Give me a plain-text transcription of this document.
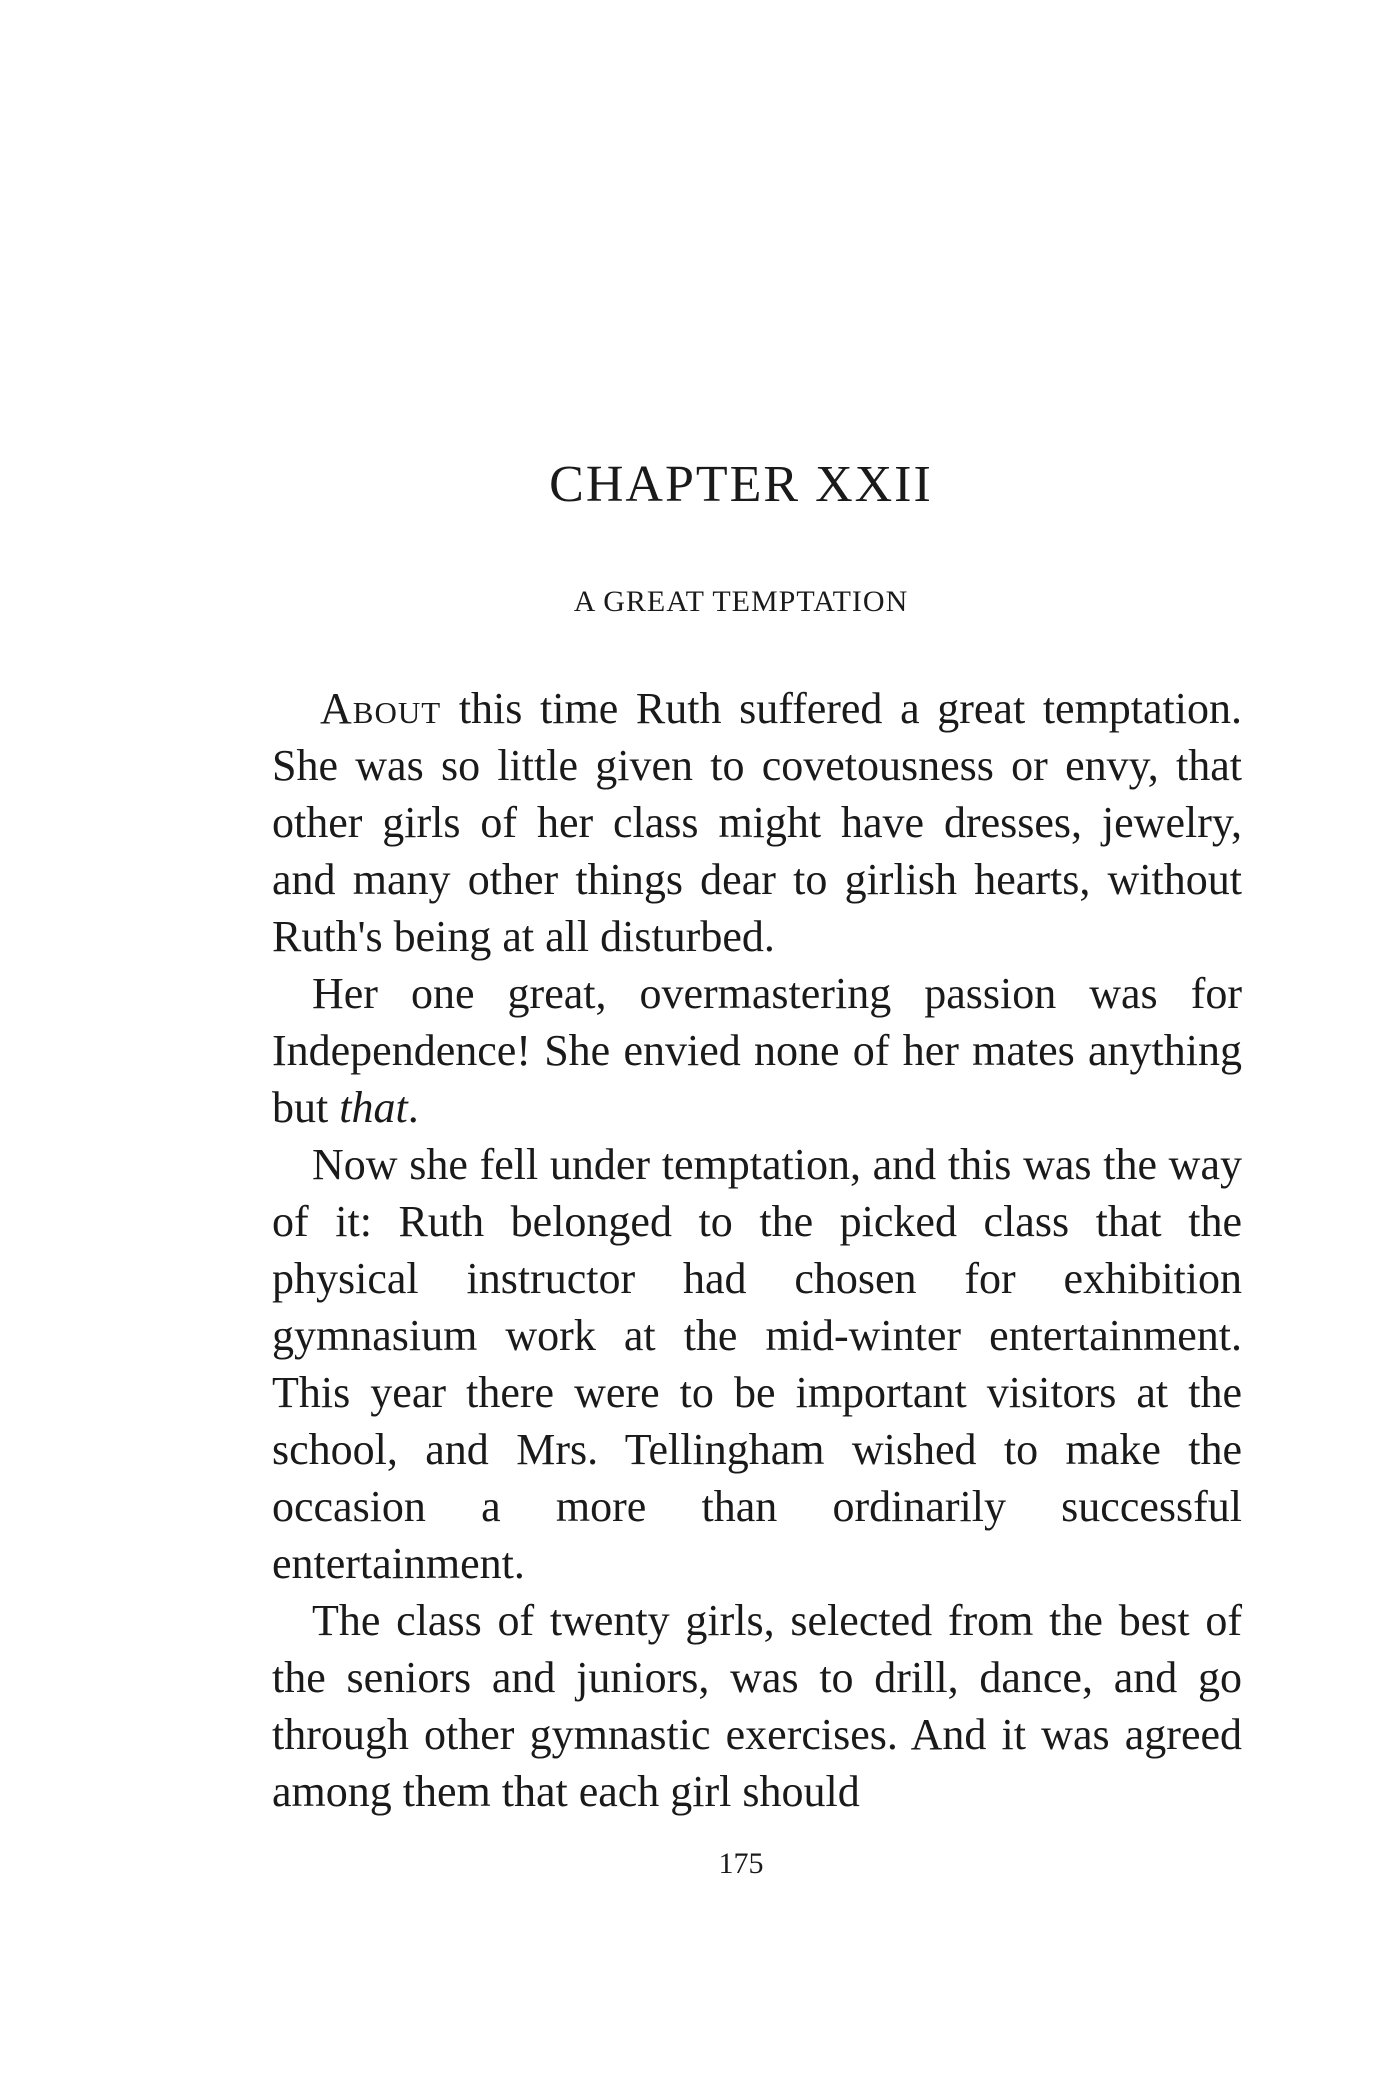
CHAPTER XXII
A GREAT TEMPTATION

About this time Ruth suffered a great temptation. She was so little given to covetousness or envy, that other girls of her class might have dresses, jewelry, and many other things dear to girlish hearts, without Ruth's being at all disturbed.

Her one great, overmastering passion was for Independence! She envied none of her mates anything but that.

Now she fell under temptation, and this was the way of it: Ruth belonged to the picked class that the physical instructor had chosen for exhibition gymnasium work at the mid-winter entertainment. This year there were to be important visitors at the school, and Mrs. Tellingham wished to make the occasion a more than ordinarily successful entertainment.

The class of twenty girls, selected from the best of the seniors and juniors, was to drill, dance, and go through other gymnastic exercises. And it was agreed among them that each girl should

175
